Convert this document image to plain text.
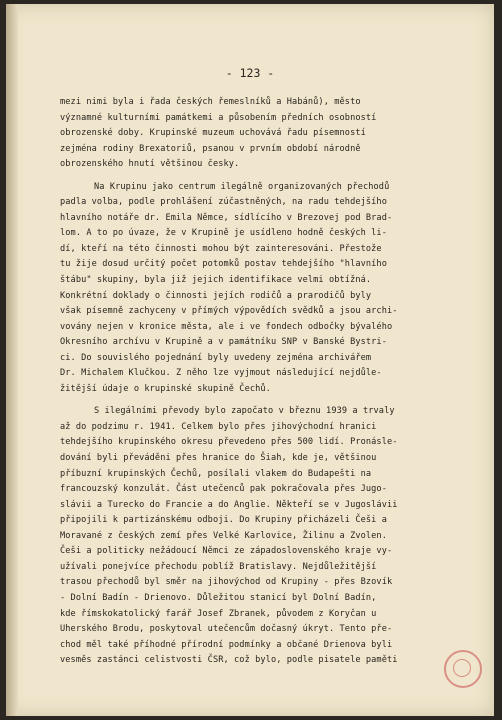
- 123 -
mezi nimi byla i řada českých řemeslníků a Habánů), město
významné kulturními památkemi a působením předních osobností
obrozenské doby. Krupinské muzeum uchovává řadu písemností
zejména rodiny Brexatoriů, psanou v prvním období národně
obrozenského hnutí většinou česky.
Na Krupinu jako centrum ilegálně organizovaných přechodů
padla volba, podle prohlášení zúčastněných, na radu tehdejšího
hlavního notáře dr. Emila Němce, sídlícího v Brezovej pod Brad-
lom. A to po úvaze, že v Krupině je usídleno hodně českých li-
dí, kteří na této činnosti mohou být zainteresováni. Přestože
tu žije dosud určitý počet potomků postav tehdejšího "hlavního
štábu" skupiny, byla již jejich identifikace velmi obtížná.
Konkrétní doklady o činnosti jejích rodičů a prarodičů byly
však písemně zachyceny v přímých výpovědích svědků a jsou archi-
vovány nejen v kronice města, ale i ve fondech odbočky bývalého
Okresního archívu v Krupině a v památníku SNP v Banské Bystri-
ci. Do souvislého pojednání byly uvedeny zejména archivářem
Dr. Michalem Klučkou. Z něho lze vyjmout následující nejdůle-
žitější údaje o krupinské skupině Čechů.
S ilegálními převody bylo započato v březnu 1939 a trvaly
až do podzimu r. 1941. Celkem bylo přes jihovýchodní hranici
tehdejšího krupinského okresu převedeno přes 500 lidí. Pronásle-
dování byli převáděni přes hranice do Šiah, kde je, většinou
příbuzní krupinských Čechů, posílali vlakem do Budapešti na
francouzský konzulát. Část utečenců pak pokračovala přes Jugo-
slávii a Turecko do Francie a do Anglie. Někteří se v Jugoslávii
připojili k partizánskému odboji. Do Krupiny přicházeli Češi a
Moravané z českých zemí přes Velké Karlovice, Žilinu a Zvolen.
Češi a politicky nežádoucí Němci ze západoslovenského kraje vy-
užívali ponejvíce přechodu poblíž Bratislavy. Nejdůležitější
trasou přechodů byl směr na jihovýchod od Krupiny - přes Bzovík
- Dolní Badín - Drienovo. Důležitou stanicí byl Dolní Badín,
kde římskokatolický farář Josef Zbranek, původem z Koryčan u
Uherského Brodu, poskytoval utečencům dočasný úkryt. Tento pře-
chod měl také příhodné přírodní podmínky a občané Drienova byli
vesměs zastánci celistvosti ČSR, což bylo, podle pisatele paměti
